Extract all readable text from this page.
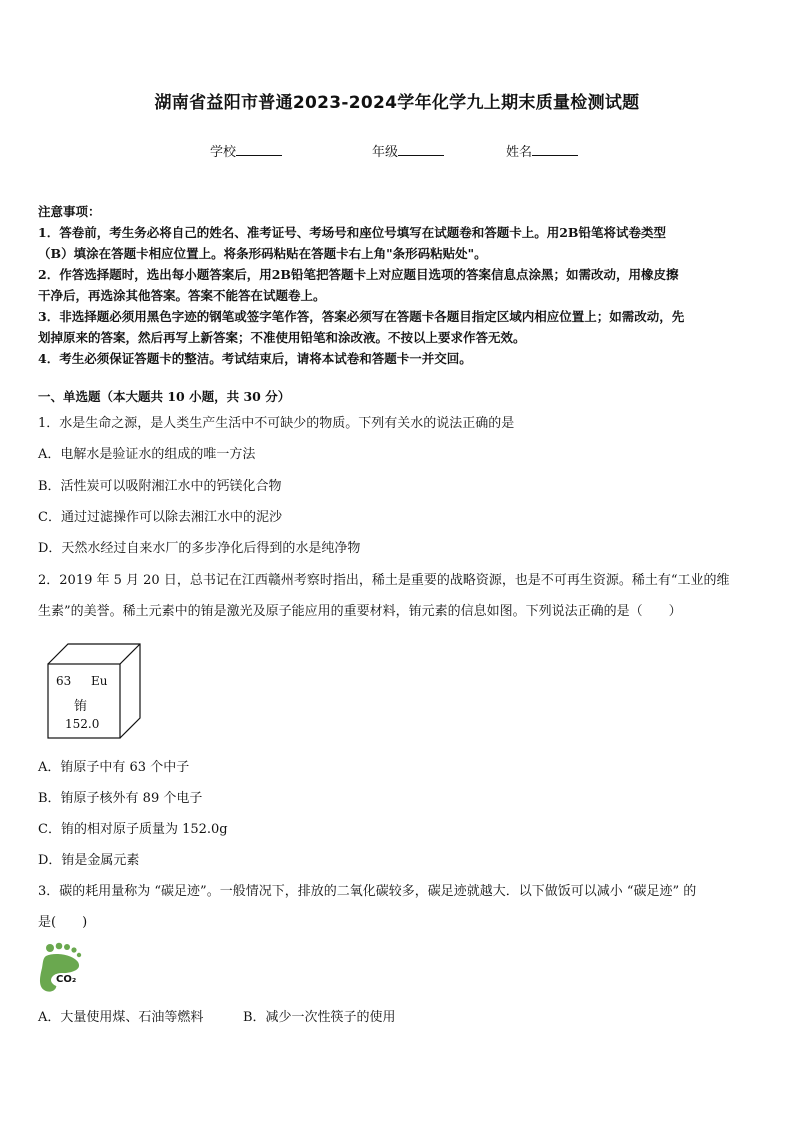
湖南省益阳市普通2023-2024学年化学九上期末质量检测试题
学校	年级	姓名
注意事项：
1．答卷前，考生务必将自己的姓名、准考证号、考场号和座位号填写在试题卷和答题卡上。用2B铅笔将试卷类型
（B）填涂在答题卡相应位置上。将条形码粘贴在答题卡右上角"条形码粘贴处"。
2．作答选择题时，选出每小题答案后，用2B铅笔把答题卡上对应题目选项的答案信息点涂黑；如需改动，用橡皮擦
干净后，再选涂其他答案。答案不能答在试题卷上。
3．非选择题必须用黑色字迹的钢笔或签字笔作答，答案必须写在答题卡各题目指定区域内相应位置上；如需改动，先
划掉原来的答案，然后再写上新答案；不准使用铅笔和涂改液。不按以上要求作答无效。
4．考生必须保证答题卡的整洁。考试结束后，请将本试卷和答题卡一并交回。
一、单选题（本大题共 10 小题，共 30 分）
1．水是生命之源，是人类生产生活中不可缺少的物质。下列有关水的说法正确的是
A．电解水是验证水的组成的唯一方法
B．活性炭可以吸附湘江水中的钙镁化合物
C．通过过滤操作可以除去湘江水中的泥沙
D．天然水经过自来水厂的多步净化后得到的水是纯净物
2．2019 年 5 月 20 日，总书记在江西赣州考察时指出，稀土是重要的战略资源，也是不可再生资源。稀土有“工业的维
生素”的美誉。稀土元素中的铕是激光及原子能应用的重要材料，铕元素的信息如图。下列说法正确的是（　　）
63 Eu
铕
152.0
A．铕原子中有 63 个中子
B．铕原子核外有 89 个电子
C．铕的相对原子质量为 152.0g
D．铕是金属元素
3．碳的耗用量称为 “碳足迹”。一般情况下，排放的二氧化碳较多，碳足迹就越大．以下做饭可以减小 “碳足迹” 的
是(　　)
CO₂
A．大量使用煤、石油等燃料	B．减少一次性筷子的使用
